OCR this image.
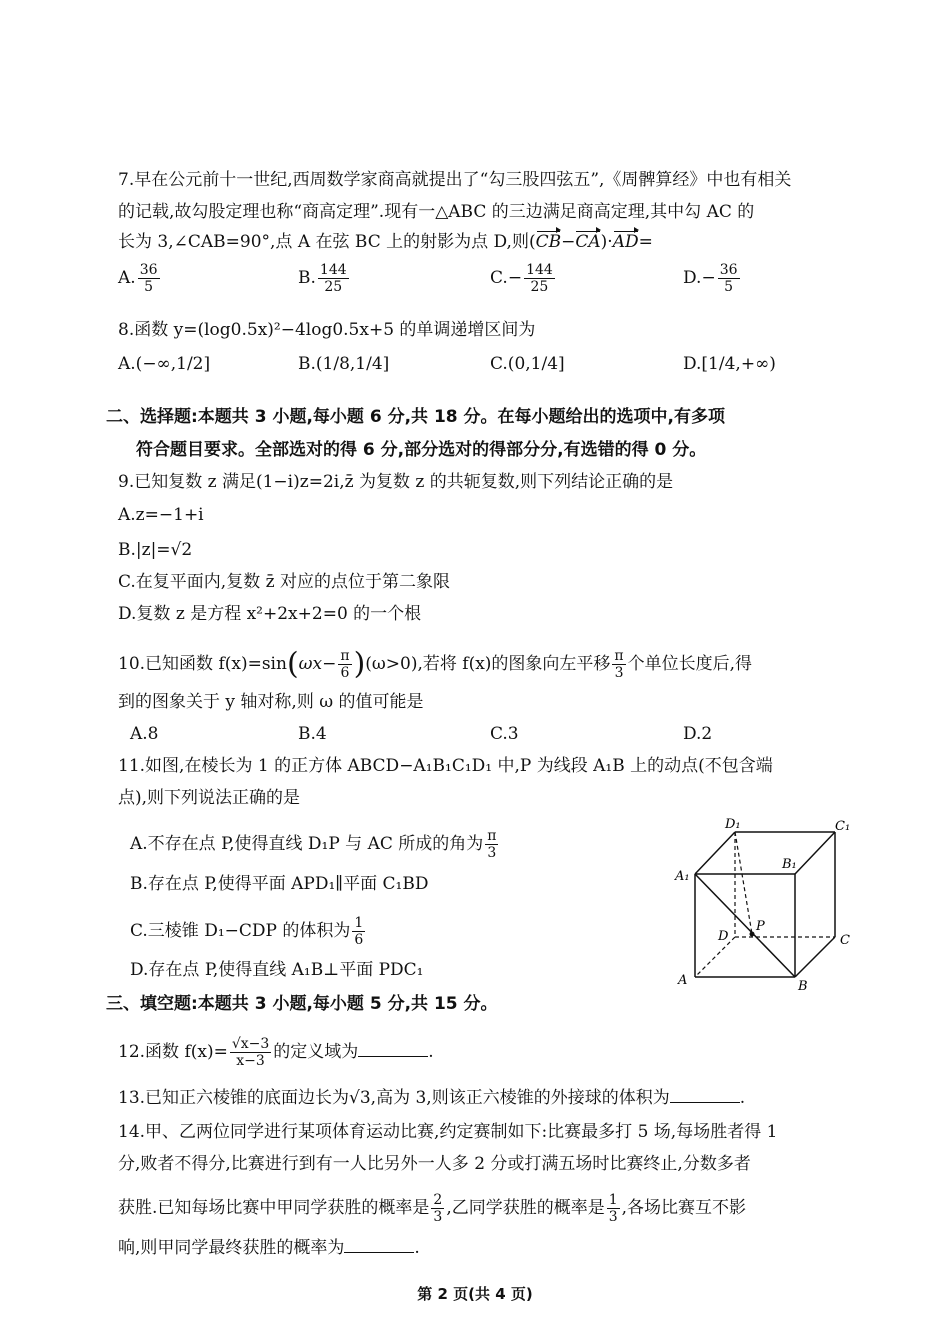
7.早在公元前十一世纪,西周数学家商高就提出了“勾三股四弦五”,《周髀算经》中也有相关
的记载,故勾股定理也称“商高定理”.现有一△ABC 的三边满足商高定理,其中勾 AC 的
长为 3,∠CAB=90°,点 A 在弦 BC 上的射影为点 D,则(CB−CA)·AD=
A. $\frac{36}{5}$	B. $\frac{144}{25}$	$C.- \frac{144}{25}$	$D.- \frac{36}{5}$
8.函数 y=(log0.5x)²−4log0.5x+5 的单调递增区间为
A.(−∞,1/2]	B.(1/8,1/4]	C.(0,1/4]	D.[1/4,+∞)
二、选择题:本题共 3 小题,每小题 6 分,共 18 分。在每小题给出的选项中,有多项
符合题目要求。全部选对的得 6 分,部分选对的得部分分,有选错的得 0 分。
9.已知复数 z 满足(1−i)z=2i,z̄ 为复数 z 的共轭复数,则下列结论正确的是
A.z=−1+i
B.|z|=√2
C.在复平面内,复数 z̄ 对应的点位于第二象限
D.复数 z 是方程 x²+2x+2=0 的一个根
10.已知函数 $f(x)=\sin(\omega x- \frac{\pi}{6} )(\omega>0)$,若将 f(x)的图象向左平移 $\frac{\pi}{3}$ 个单位长度后,得
到的图象关于 y 轴对称,则 ω 的值可能是
A.8	B.4	C.3	D.2
11.如图,在棱长为 1 的正方体 ABCD−A₁B₁C₁D₁ 中,P 为线段 A₁B 上的动点(不包含端
点),则下列说法正确的是
A.不存在点 P,使得直线 D₁P 与 AC 所成的角为 $\frac{\pi}{3}$
B.存在点 P,使得平面 APD₁∥平面 C₁BD
C.三棱锥 D₁−CDP 的体积为 $\frac{1}{6}$
D.存在点 P,使得直线 A₁B⊥平面 PDC₁
D₁	C₁
B₁
A₁
D
P
C
A	B
三、填空题:本题共 3 小题,每小题 5 分,共 15 分。
12.函数 $f(x)= \frac{√x-3}{x-3}$ 的定义域为	.
13.已知正六棱锥的底面边长为√3,高为 3,则该正六棱锥的外接球的体积为	.
14.甲、乙两位同学进行某项体育运动比赛,约定赛制如下:比赛最多打 5 场,每场胜者得 1
分,败者不得分,比赛进行到有一人比另外一人多 2 分或打满五场时比赛终止,分数多者
获胜.已知每场比赛中甲同学获胜的概率是 $\frac{2}{3}$ ,乙同学获胜的概率是 $\frac{1}{3}$ ,各场比赛互不影
响,则甲同学最终获胜的概率为	.
第 2 页(共 4 页)
